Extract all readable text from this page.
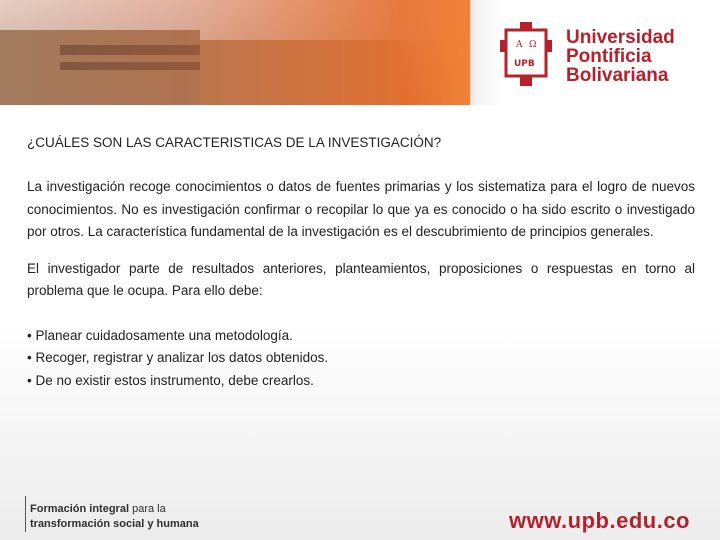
A Ω
UPB
Universidad
Pontificia
Bolivariana

¿CUÁLES SON LAS CARACTERISTICAS DE LA INVESTIGACIÓN?

La investigación recoge conocimientos o datos de fuentes primarias y los sistematiza para el logro de nuevos conocimientos. No es investigación confirmar o recopilar lo que ya es conocido o ha sido escrito o investigado por otros. La característica fundamental de la investigación es el descubrimiento de principios generales.

El investigador parte de resultados anteriores, planteamientos, proposiciones o respuestas en torno al problema que le ocupa. Para ello debe:

• Planear cuidadosamente una metodología.

• Recoger, registrar y analizar los datos obtenidos.

• De no existir estos instrumento, debe crearlos.

Formación integral para la
transformación social y humana	www.upb.edu.co
